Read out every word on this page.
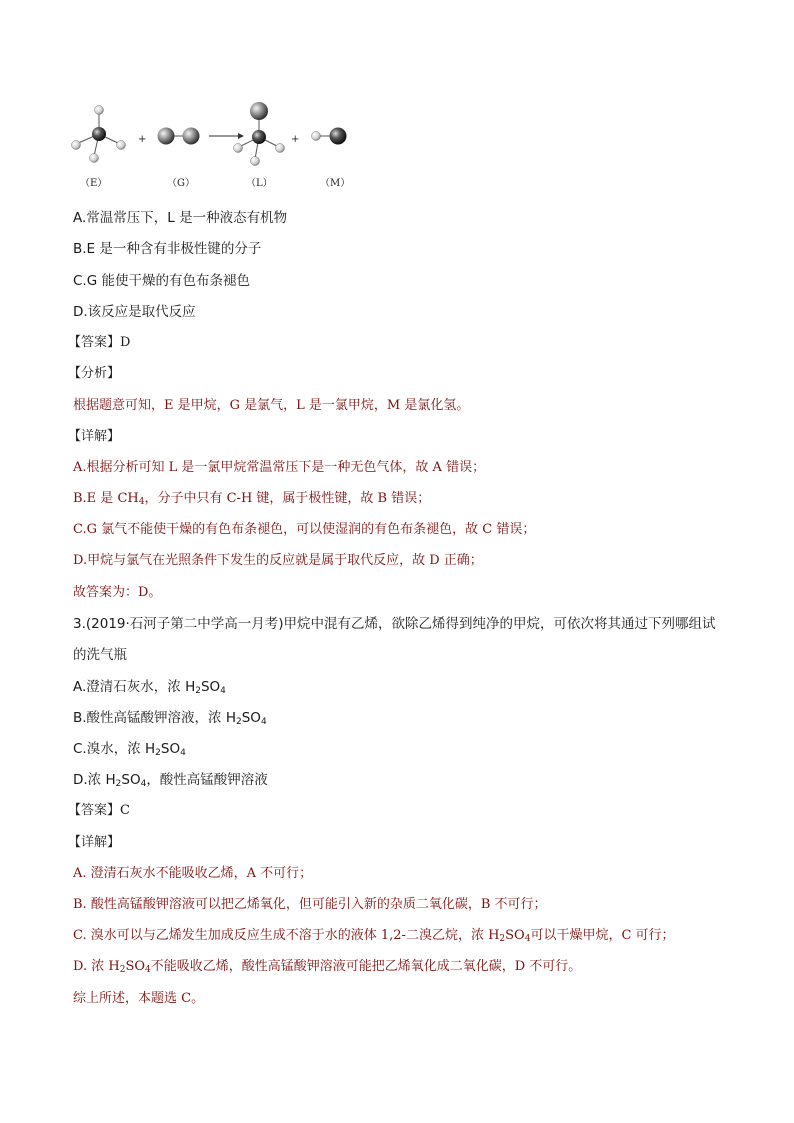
+	+
（E）	（G）	（L）	（M）
A.常温常压下，L 是一种液态有机物
B.E 是一种含有非极性键的分子
C.G 能使干燥的有色布条褪色
D.该反应是取代反应
【答案】D
【分析】
根据题意可知，E 是甲烷，G 是氯气，L 是一氯甲烷，M 是氯化氢。
【详解】
A.根据分析可知 L 是一氯甲烷常温常压下是一种无色气体，故 A 错误；
B.E 是 $CH_4$，分子中只有 C-H 键，属于极性键，故 B 错误；
C.G 氯气不能使干燥的有色布条褪色，可以使湿润的有色布条褪色，故 C 错误；
D.甲烷与氯气在光照条件下发生的反应就是属于取代反应，故 D 正确；
故答案为：D。
3.(2019·石河子第二中学高一月考)甲烷中混有乙烯，欲除乙烯得到纯净的甲烷，可依次将其通过下列哪组试
的洗气瓶
A.澄清石灰水，浓 $H_2SO_4$
B.酸性高锰酸钾溶液，浓 $H_2SO_4$
C.溴水，浓 $H_2SO_4$
D.浓 $H_2SO_4$，酸性高锰酸钾溶液
【答案】C
【详解】
A. 澄清石灰水不能吸收乙烯，A 不可行；
B. 酸性高锰酸钾溶液可以把乙烯氧化，但可能引入新的杂质二氧化碳，B 不可行；
C. 溴水可以与乙烯发生加成反应生成不溶于水的液体 1,2-二溴乙烷，浓 $H_2SO_4$可以干燥甲烷，C 可行；
D. 浓 $H_2SO_4$不能吸收乙烯，酸性高锰酸钾溶液可能把乙烯氧化成二氧化碳，D 不可行。
综上所述，本题选 C。
